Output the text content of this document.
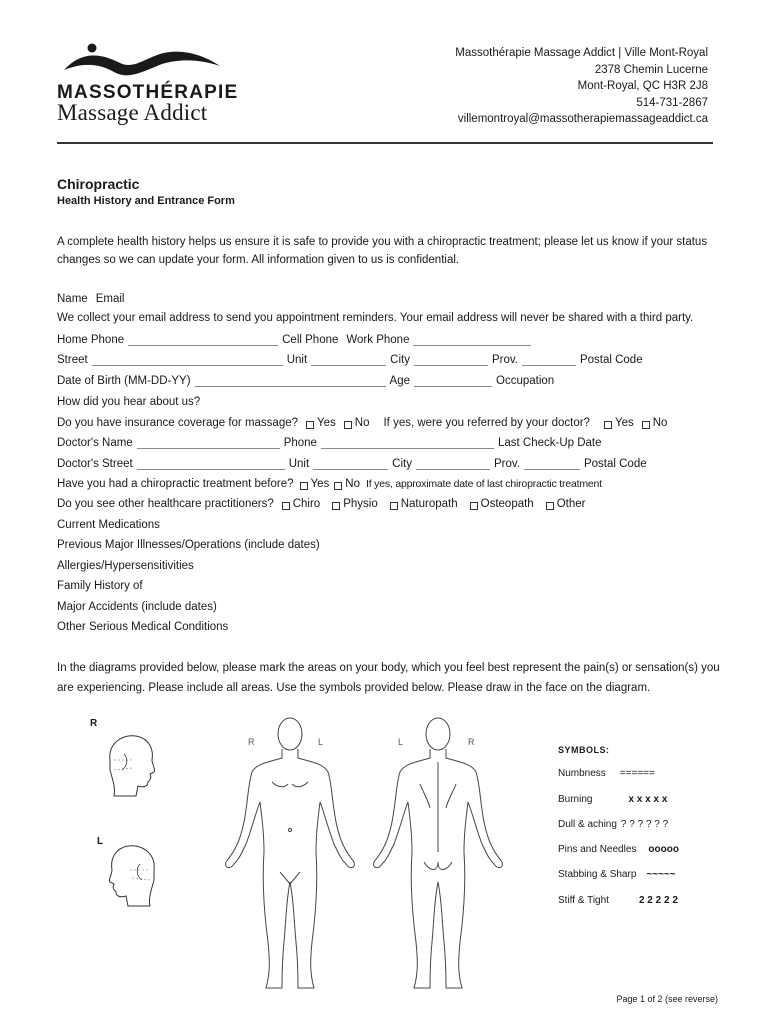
MASSOTHÉRAPIE
Massage Addict
Massothérapie Massage Addict | Ville Mont-Royal
2378 Chemin Lucerne
Mont-Royal, QC H3R 2J8
514-731-2867
villemontroyal@massotherapiemassageaddict.ca
Chiropractic
Health History and Entrance Form
A complete health history helps us ensure it is safe to provide you with a chiropractic treatment; please let us know if your status changes so we can update your form. All information given to us is confidential.
Name Email
We collect your email address to send you appointment reminders. Your email address will never be shared with a third party.
Home Phone	Cell Phone Work Phone
Street	Unit	City	Prov.	Postal Code
Date of Birth (MM-DD-YY)	Age	Occupation
How did you hear about us?
Do you have insurance coverage for massage? Yes No If yes, were you referred by your doctor? Yes No
Doctor's Name	Phone	Last Check-Up Date
Doctor's Street	Unit	City	Prov.	Postal Code
Have you had a chiropractic treatment before? Yes No If yes, approximate date of last chiropractic treatment
Do you see other healthcare practitioners? Chiro Physio Naturopath Osteopath Other
Current Medications
Previous Major Illnesses/Operations (include dates)
Allergies/Hypersensitivities
Family History of
Major Accidents (include dates)
Other Serious Medical Conditions
In the diagrams provided below, please mark the areas on your body, which you feel best represent the pain(s) or sensation(s) you are experiencing. Please include all areas. Use the symbols provided below. Please draw in the face on the diagram.
R
L
R	L	L	R
SYMBOLS:
Numbness ======
Burning	x x x x x
Dull & aching ? ? ? ? ? ?
Pins and Needles ooooo
Stabbing & Sharp ~~~~~
Stiff & Tight	2 2 2 2 2
Page 1 of 2 (see reverse)
